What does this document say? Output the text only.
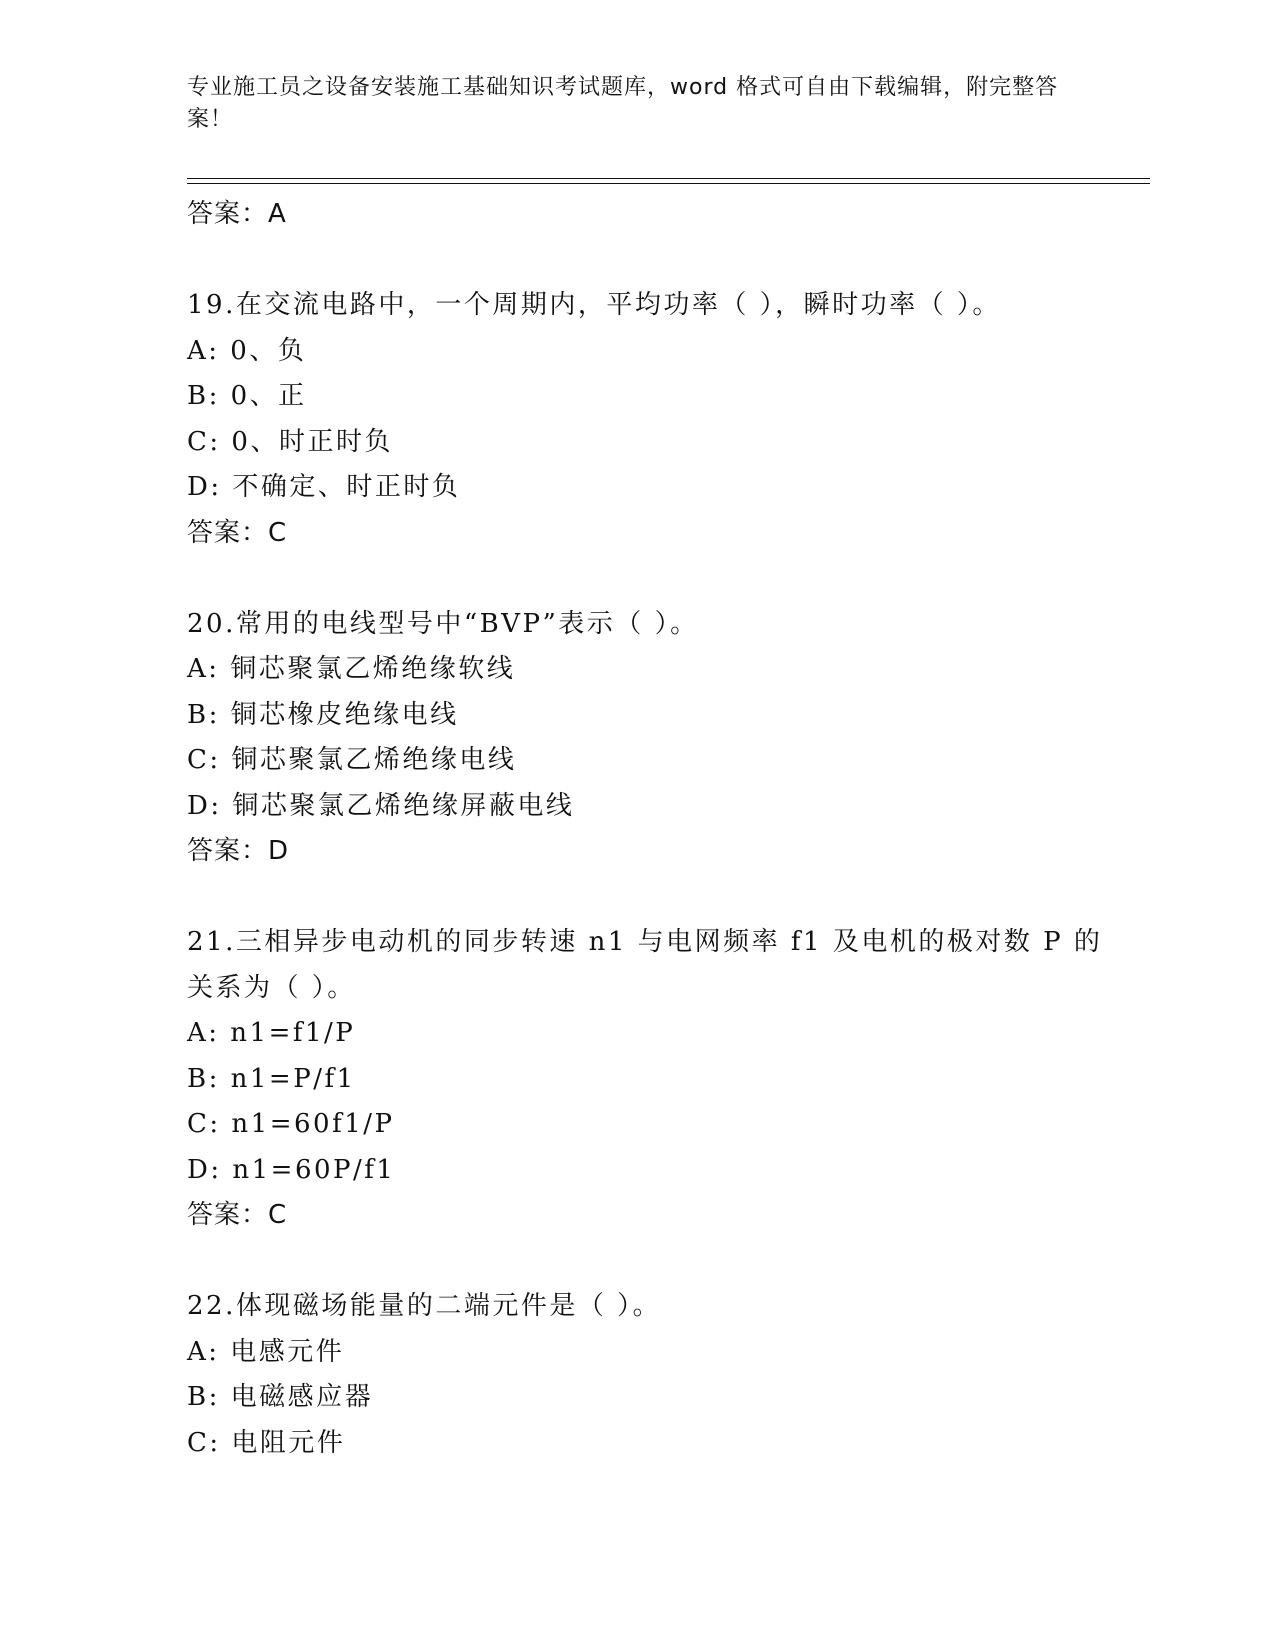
专业施工员之设备安装施工基础知识考试题库，word 格式可自由下载编辑，附完整答案！
答案：A
19.在交流电路中，一个周期内，平均功率（ ），瞬时功率（ ）。
A: 0、负
B: 0、正
C: 0、时正时负
D: 不确定、时正时负
答案：C
20.常用的电线型号中“BVP”表示（ ）。
A: 铜芯聚氯乙烯绝缘软线
B: 铜芯橡皮绝缘电线
C: 铜芯聚氯乙烯绝缘电线
D: 铜芯聚氯乙烯绝缘屏蔽电线
答案：D
21.三相异步电动机的同步转速 n1 与电网频率 f1 及电机的极对数 P 的
关系为（ ）。
A: n1=f1/P
B: n1=P/f1
C: n1=60f1/P
D: n1=60P/f1
答案：C
22.体现磁场能量的二端元件是（ ）。
A: 电感元件
B: 电磁感应器
C: 电阻元件
